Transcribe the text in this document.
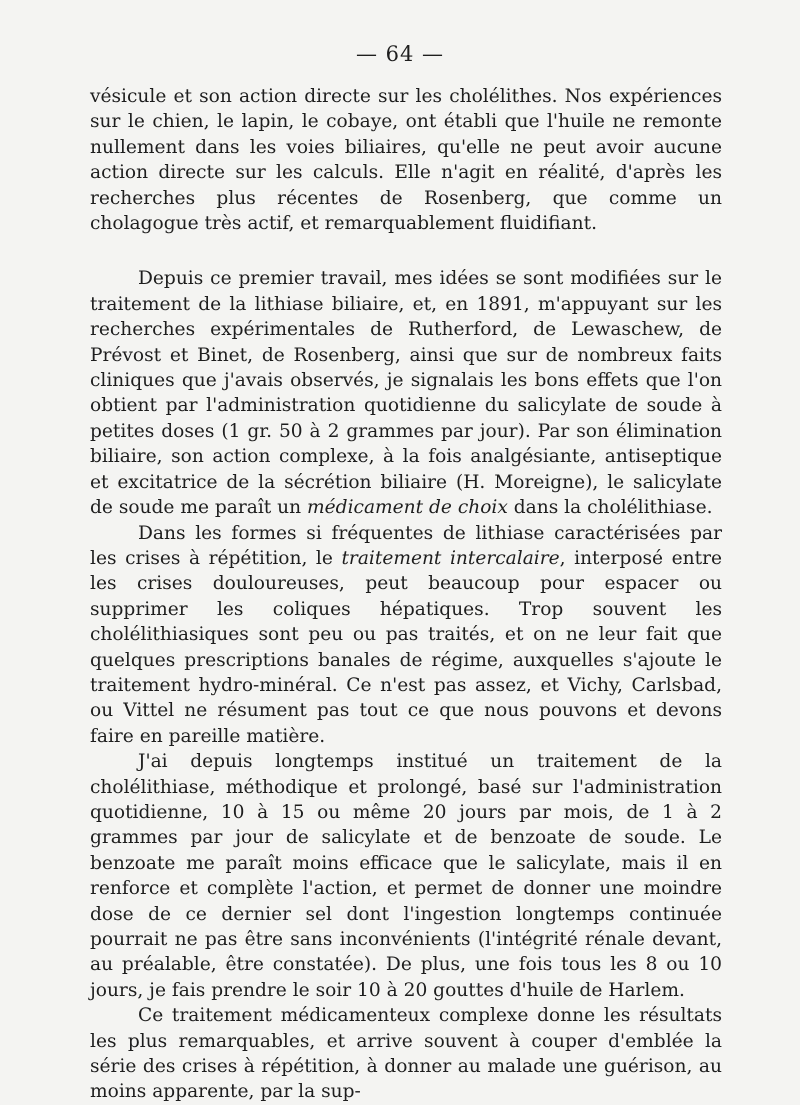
— 64 —

vésicule et son action directe sur les cholélithes. Nos expériences sur le chien, le lapin, le cobaye, ont établi que l'huile ne remonte nullement dans les voies biliaires, qu'elle ne peut avoir aucune action directe sur les calculs. Elle n'agit en réalité, d'après les recherches plus récentes de Rosenberg, que comme un cholagogue très actif, et remarquablement fluidifiant.

Depuis ce premier travail, mes idées se sont modifiées sur le traitement de la lithiase biliaire, et, en 1891, m'appuyant sur les recherches expérimentales de Rutherford, de Lewaschew, de Prévost et Binet, de Rosenberg, ainsi que sur de nombreux faits cliniques que j'avais observés, je signalais les bons effets que l'on obtient par l'administration quotidienne du salicylate de soude à petites doses (1 gr. 50 à 2 grammes par jour). Par son élimination biliaire, son action complexe, à la fois analgésiante, antiseptique et excitatrice de la sécrétion biliaire (H. Moreigne), le salicylate de soude me paraît un médicament de choix dans la cholélithiase.

Dans les formes si fréquentes de lithiase caractérisées par les crises à répétition, le traitement intercalaire, interposé entre les crises douloureuses, peut beaucoup pour espacer ou supprimer les coliques hépatiques. Trop souvent les cholélithiasiques sont peu ou pas traités, et on ne leur fait que quelques prescriptions banales de régime, auxquelles s'ajoute le traitement hydro-minéral. Ce n'est pas assez, et Vichy, Carlsbad, ou Vittel ne résument pas tout ce que nous pouvons et devons faire en pareille matière.

J'ai depuis longtemps institué un traitement de la cholélithiase, méthodique et prolongé, basé sur l'administration quotidienne, 10 à 15 ou même 20 jours par mois, de 1 à 2 grammes par jour de salicylate et de benzoate de soude. Le benzoate me paraît moins efficace que le salicylate, mais il en renforce et complète l'action, et permet de donner une moindre dose de ce dernier sel dont l'ingestion longtemps continuée pourrait ne pas être sans inconvénients (l'intégrité rénale devant, au préalable, être constatée). De plus, une fois tous les 8 ou 10 jours, je fais prendre le soir 10 à 20 gouttes d'huile de Harlem.

Ce traitement médicamenteux complexe donne les résultats les plus remarquables, et arrive souvent à couper d'emblée la série des crises à répétition, à donner au malade une guérison, au moins apparente, par la sup-
